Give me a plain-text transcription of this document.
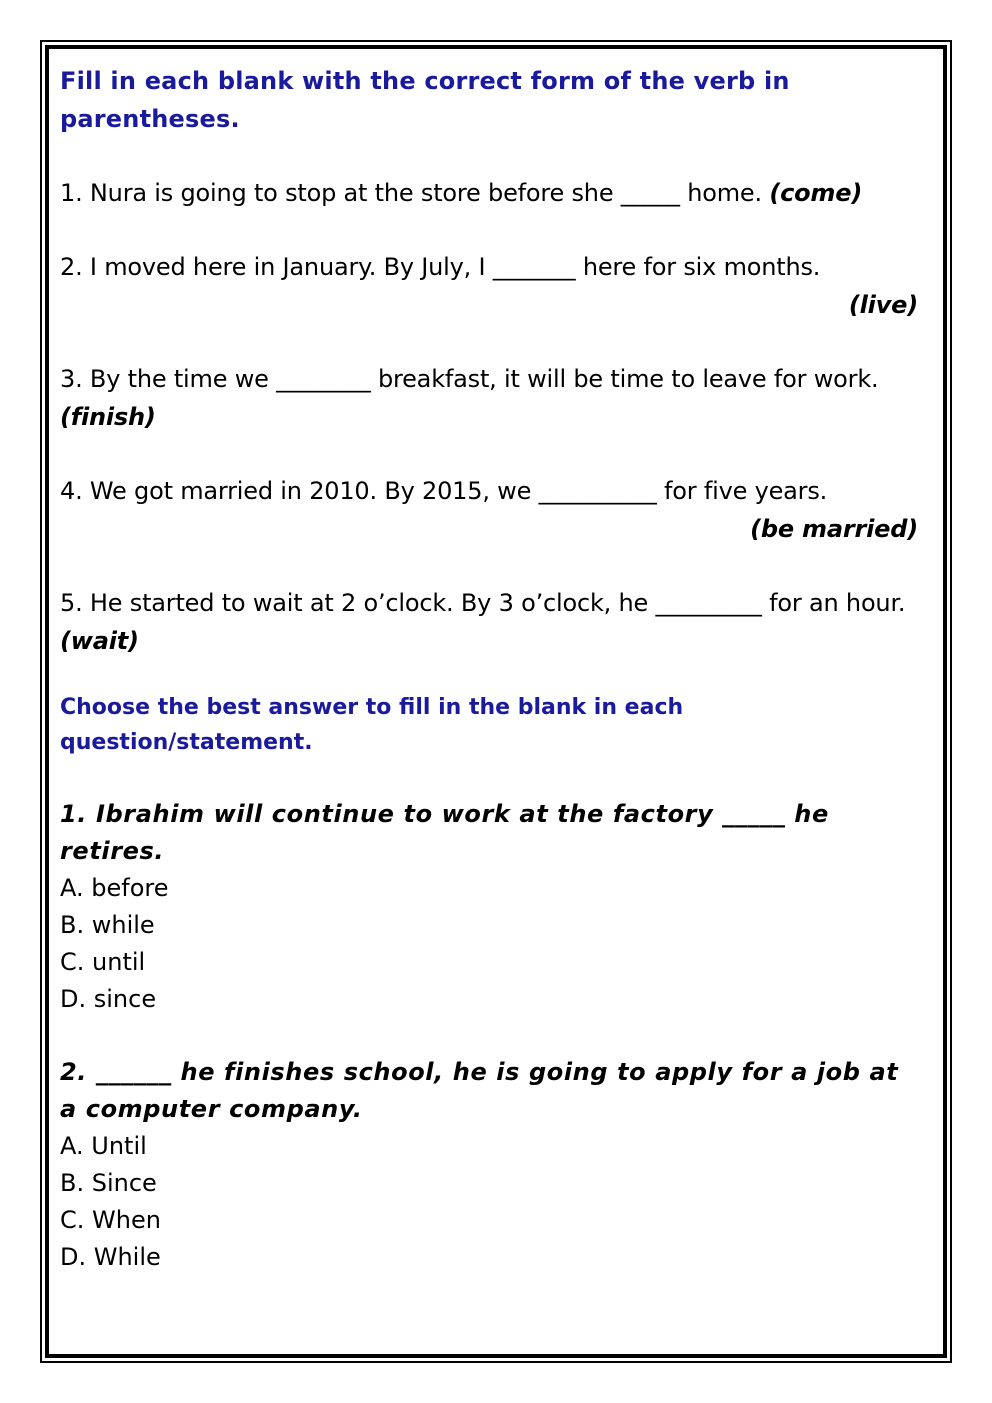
Fill in each blank with the correct form of the verb in parentheses.

1. Nura is going to stop at the store before she _____ home. (come)
2. I moved here in January. By July, I _______ here for six months.
(live)
3. By the time we ________ breakfast, it will be time to leave for work. (finish)
4. We got married in 2010. By 2015, we __________ for five years.
(be married)
5. He started to wait at 2 o’clock. By 3 o’clock, he _________ for an hour. (wait)

Choose the best answer to fill in the blank in each question/statement.

1. Ibrahim will continue to work at the factory _____ he retires.
A. before
B. while
C. until
D. since
2. ______ he finishes school, he is going to apply for a job at a computer company.
A. Until
B. Since
C. When
D. While
